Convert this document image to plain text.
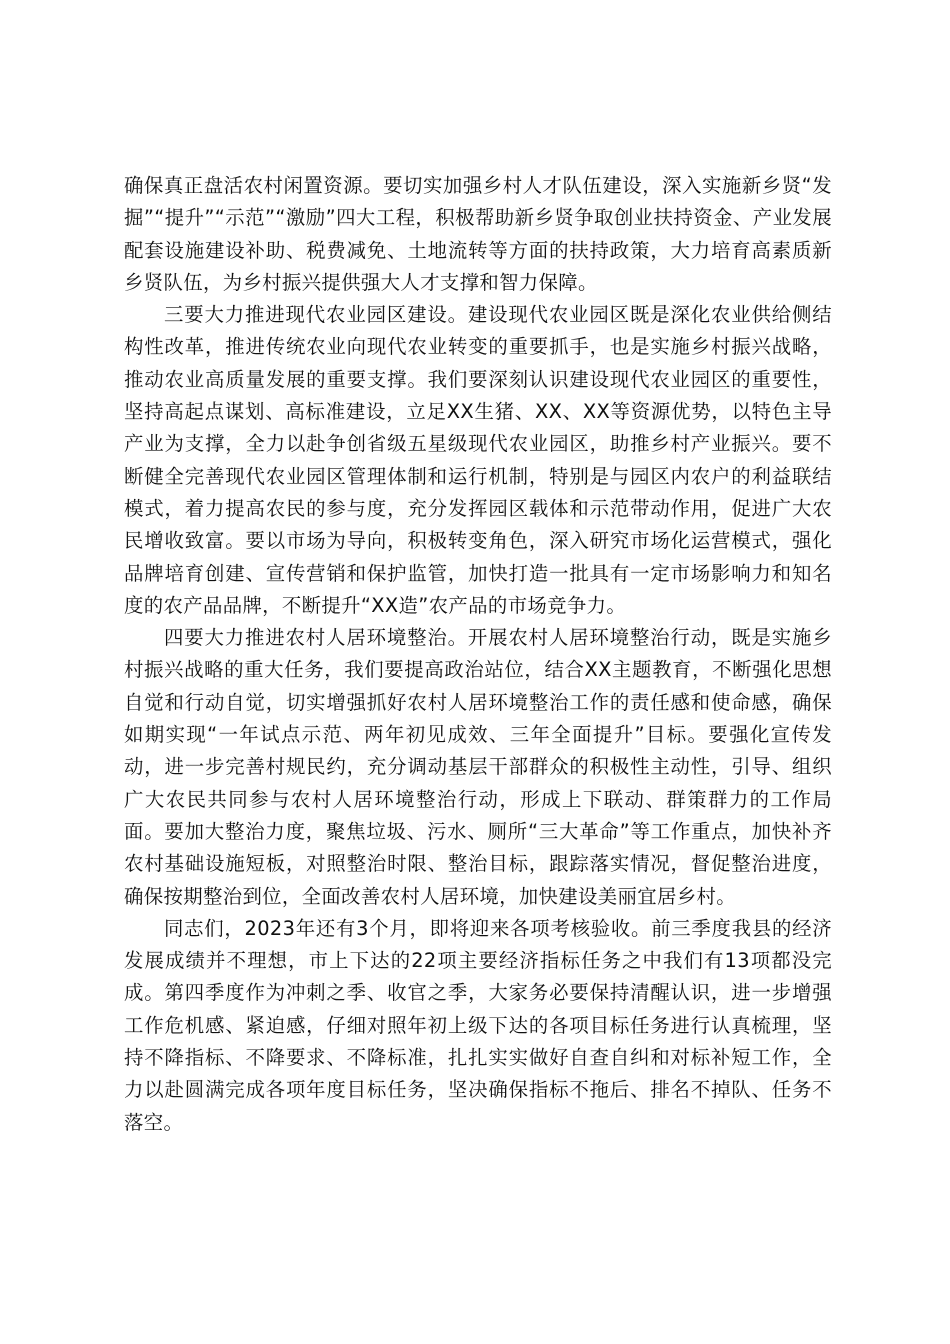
确保真正盘活农村闲置资源。要切实加强乡村人才队伍建设，深入实施新乡贤“发掘”“提升”“示范”“激励”四大工程，积极帮助新乡贤争取创业扶持资金、产业发展配套设施建设补助、税费减免、土地流转等方面的扶持政策，大力培育高素质新乡贤队伍，为乡村振兴提供强大人才支撑和智力保障。

三要大力推进现代农业园区建设。建设现代农业园区既是深化农业供给侧结构性改革，推进传统农业向现代农业转变的重要抓手，也是实施乡村振兴战略，推动农业高质量发展的重要支撑。我们要深刻认识建设现代农业园区的重要性，坚持高起点谋划、高标准建设，立足XX生猪、XX、XX等资源优势，以特色主导产业为支撑，全力以赴争创省级五星级现代农业园区，助推乡村产业振兴。要不断健全完善现代农业园区管理体制和运行机制，特别是与园区内农户的利益联结模式，着力提高农民的参与度，充分发挥园区载体和示范带动作用，促进广大农民增收致富。要以市场为导向，积极转变角色，深入研究市场化运营模式，强化品牌培育创建、宣传营销和保护监管，加快打造一批具有一定市场影响力和知名度的农产品品牌，不断提升“XX造”农产品的市场竞争力。

四要大力推进农村人居环境整治。开展农村人居环境整治行动，既是实施乡村振兴战略的重大任务，我们要提高政治站位，结合XX主题教育，不断强化思想自觉和行动自觉，切实增强抓好农村人居环境整治工作的责任感和使命感，确保如期实现“一年试点示范、两年初见成效、三年全面提升”目标。要强化宣传发动，进一步完善村规民约，充分调动基层干部群众的积极性主动性，引导、组织广大农民共同参与农村人居环境整治行动，形成上下联动、群策群力的工作局面。要加大整治力度，聚焦垃圾、污水、厕所“三大革命”等工作重点，加快补齐农村基础设施短板，对照整治时限、整治目标，跟踪落实情况，督促整治进度，确保按期整治到位，全面改善农村人居环境，加快建设美丽宜居乡村。

同志们，2023年还有3个月，即将迎来各项考核验收。前三季度我县的经济发展成绩并不理想，市上下达的22项主要经济指标任务之中我们有13项都没完成。第四季度作为冲刺之季、收官之季，大家务必要保持清醒认识，进一步增强工作危机感、紧迫感，仔细对照年初上级下达的各项目标任务进行认真梳理，坚持不降指标、不降要求、不降标准，扎扎实实做好自查自纠和对标补短工作，全力以赴圆满完成各项年度目标任务，坚决确保指标不拖后、排名不掉队、任务不落空。
